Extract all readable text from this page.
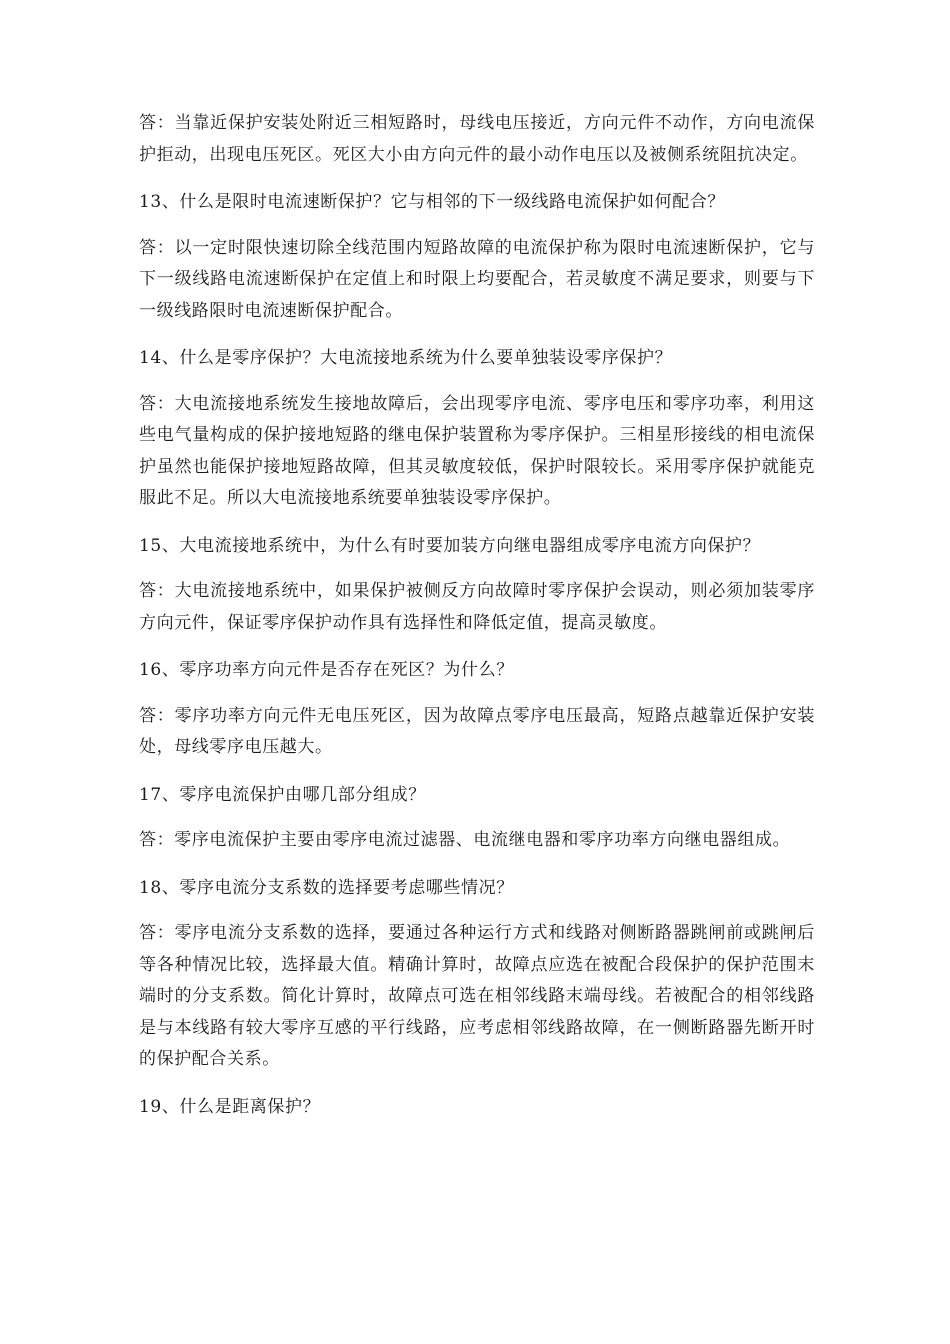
答：当靠近保护安装处附近三相短路时，母线电压接近，方向元件不动作，方向电流保护拒动，出现电压死区。死区大小由方向元件的最小动作电压以及被侧系统阻抗决定。

13、什么是限时电流速断保护？它与相邻的下一级线路电流保护如何配合？

答：以一定时限快速切除全线范围内短路故障的电流保护称为限时电流速断保护，它与下一级线路电流速断保护在定值上和时限上均要配合，若灵敏度不满足要求，则要与下一级线路限时电流速断保护配合。

14、什么是零序保护？大电流接地系统为什么要单独装设零序保护？

答：大电流接地系统发生接地故障后，会出现零序电流、零序电压和零序功率，利用这些电气量构成的保护接地短路的继电保护装置称为零序保护。三相星形接线的相电流保护虽然也能保护接地短路故障，但其灵敏度较低，保护时限较长。采用零序保护就能克服此不足。所以大电流接地系统要单独装设零序保护。

15、大电流接地系统中，为什么有时要加装方向继电器组成零序电流方向保护？

答：大电流接地系统中，如果保护被侧反方向故障时零序保护会误动，则必须加装零序方向元件，保证零序保护动作具有选择性和降低定值，提高灵敏度。

16、零序功率方向元件是否存在死区？为什么？

答：零序功率方向元件无电压死区，因为故障点零序电压最高，短路点越靠近保护安装处，母线零序电压越大。

17、零序电流保护由哪几部分组成？

答：零序电流保护主要由零序电流过滤器、电流继电器和零序功率方向继电器组成。

18、零序电流分支系数的选择要考虑哪些情况？

答：零序电流分支系数的选择，要通过各种运行方式和线路对侧断路器跳闸前或跳闸后等各种情况比较，选择最大值。精确计算时，故障点应选在被配合段保护的保护范围末端时的分支系数。简化计算时，故障点可选在相邻线路末端母线。若被配合的相邻线路是与本线路有较大零序互感的平行线路，应考虑相邻线路故障，在一侧断路器先断开时的保护配合关系。

19、什么是距离保护？
